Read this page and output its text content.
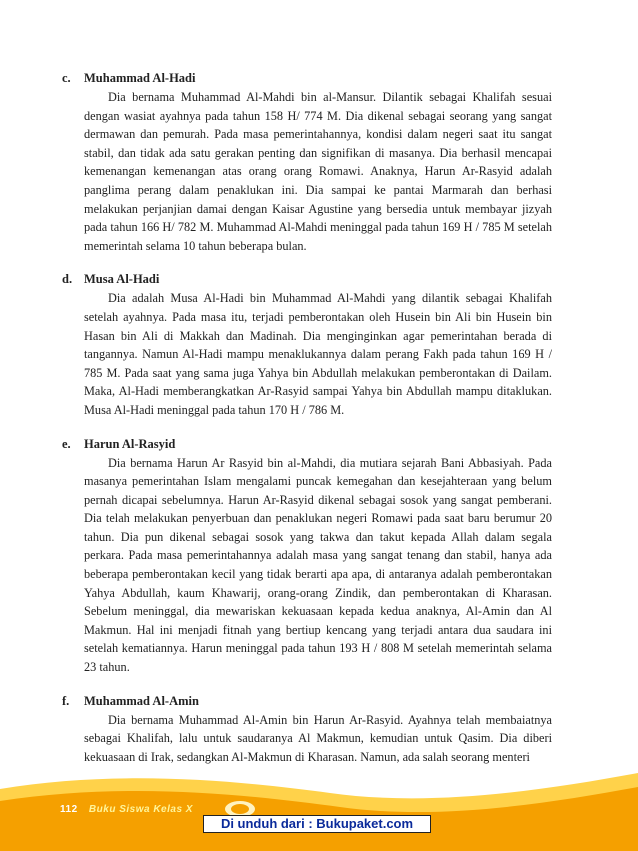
c.	Muhammad Al-Hadi
Dia bernama Muhammad Al-Mahdi bin al-Mansur. Dilantik sebagai Khalifah sesuai dengan wasiat ayahnya pada tahun 158 H/ 774 M. Dia dikenal sebagai seorang yang sangat dermawan dan pemurah. Pada masa pemerintahannya, kondisi dalam negeri saat itu sangat stabil, dan tidak ada satu gerakan penting dan signifikan di masanya. Dia berhasil mencapai kemenangan kemenangan atas orang orang Romawi. Anaknya, Harun Ar-Rasyid adalah panglima perang dalam penaklukan ini. Dia sampai ke pantai Marmarah dan berhasi melakukan perjanjian damai dengan Kaisar Agustine yang bersedia untuk membayar jizyah pada tahun 166 H/ 782 M. Muhammad Al-Mahdi meninggal pada tahun 169 H / 785 M setelah memerintah selama 10 tahun beberapa bulan.
d. Musa Al-Hadi
Dia adalah Musa Al-Hadi bin Muhammad Al-Mahdi yang dilantik sebagai Khalifah setelah ayahnya. Pada masa itu, terjadi pemberontakan oleh Husein bin Ali bin Husein bin Hasan bin Ali di Makkah dan Madinah. Dia menginginkan agar pemerintahan berada di tangannya. Namun Al-Hadi mampu menaklukannya dalam perang Fakh pada tahun 169 H / 785 M. Pada saat yang sama juga Yahya bin Abdullah melakukan pemberontakan di Dailam. Maka, Al-Hadi memberangkatkan Ar-Rasyid sampai Yahya bin Abdullah mampu ditaklukan. Musa Al-Hadi meninggal pada tahun 170 H / 786 M.
e.	Harun Al-Rasyid
Dia bernama Harun Ar Rasyid bin al-Mahdi, dia mutiara sejarah Bani Abbasiyah. Pada masanya pemerintahan Islam mengalami puncak kemegahan dan kesejahteraan yang belum pernah dicapai sebelumnya. Harun Ar-Rasyid dikenal sebagai sosok yang sangat pemberani. Dia telah melakukan penyerbuan dan penaklukan negeri Romawi pada saat baru berumur 20 tahun. Dia pun dikenal sebagai sosok yang takwa dan takut kepada Allah dalam segala perkara. Pada masa pemerintahannya adalah masa yang sangat tenang dan stabil, hanya ada beberapa pemberontakan kecil yang tidak berarti apa apa, di antaranya adalah pemberontakan Yahya Abdullah, kaum Khawarij, orang-orang Zindik, dan pemberontakan di Kharasan. Sebelum meninggal, dia mewariskan kekuasaan kepada kedua anaknya, Al-Amin dan Al Makmun. Hal ini menjadi fitnah yang bertiup kencang yang terjadi antara dua saudara ini setelah kematiannya. Harun meninggal pada tahun 193 H / 808 M setelah memerintah selama 23 tahun.
f.	Muhammad Al-Amin
Dia bernama Muhammad Al-Amin bin Harun Ar-Rasyid. Ayahnya telah membaiatnya sebagai Khalifah, lalu untuk saudaranya Al Makmun, kemudian untuk Qasim. Dia diberi kekuasaan di Irak, sedangkan Al-Makmun di Kharasan. Namun, ada salah seorang menteri
112 Buku Siswa Kelas X
Di unduh dari : Bukupaket.com
